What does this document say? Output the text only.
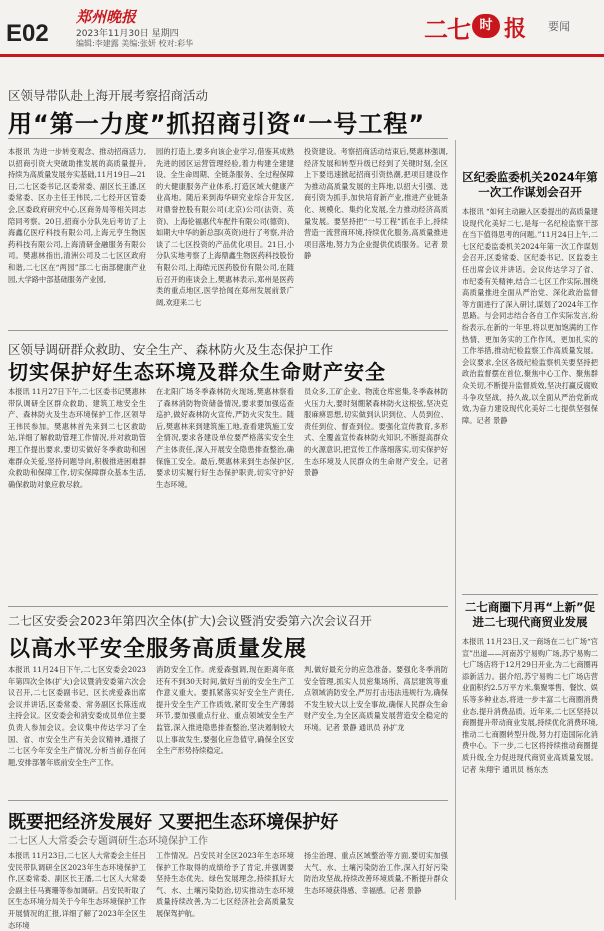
E02
郑州晚报
2023年11月30日 星期四
编辑:李建露 美编:张妍 校对:彩华	二七 时 报 要闻
区领导带队赴上海开展考察招商活动
用“第一力度”抓招商引资“一号工程”
本报讯 为进一步转变观念、推动招商活力,以招商引资大突破助推发展的高质量提升,持续为高质量发展夯实基础,11月19日—21日,二七区委书记,区委常委、副区长王潘,区委常委、区办主任王伟民,二七经开区管委会,区委政府研究中心,区商务局等相关同志陪同考察。20日,招商小分队先后考访了上海鑫亿医疗科技有限公司,上海元亨生物医药科技有限公司,上海清研金融服务有限公司。樊惠林指出,清洲公司及二七区区政府和谐,二七区在“两园”部二七南部健康产业园,大学路中部基础服务产业园,
园的打造上,要多向该企业学习,借鉴其成熟先进的园区运营管理经验,着力构建全建建设、全生命周期、全链条服务、全过程保障的大健康服务产业体系,打造区域大健康产业高地。随后来到海华研究业综合开发区,对鼎誉控股有限公司(北京)公司(法资、英资)、上海伦福惠代车配件有限公司(德资)、如期大中华的新总部(英资)进行了考察,并洽谈了二七区投资的产品优化项目。21日,小分队实地考察了上海鼎鑫生物医药科技股份有限公司,上海皓元医药股份有限公司,在随后召开的座谈会上,樊惠林表示,郑州是医药类的重点地区,医学拾闻在郑州发展前景广阔,欢迎来二七
投资建设。考察招商活动结束后,樊惠林强调,经济发展和转型升级已经到了关键时刻,全区上下要迅速掀起招商引资热潮,把项目建设作为推动高质量发展的主阵地,以招大引强、选商引资为抓手,加快培育新产业,推进产业链条化、规模化、集约化发展,全力推动经济高质量发展。要坚持把“一号工程”抓在手上,持续营造一流营商环境,持续优化服务,高质量推进项目落地,努力为企业提供优质服务。记者 景静
区领导调研群众救助、安全生产、森林防火及生态保护工作
切实保护好生态环境及群众生命财产安全
本报讯 11月27日下午,二七区委书记樊惠林带队调研全区群众救助、建筑工地安全生产、森林防火及生态环境保护工作,区领导王伟民参加。樊惠林首先来到二七区救助站,详细了解救助管理工作情况,并对救助管理工作提出要求,要切实做好冬季救助和困难群众关爱,坚持问题导向,积极推进困难群众救助和保障工作,切实保障群众基本生活,确保救助对象应救尽救。
在北阳广场冬季森林防火现场,樊惠林察看了森林消防物资储备情况,要求要加强巡查巡护,做好森林防火宣传,严防火灾发生。随后,樊惠林来到建筑施工地,查看建筑施工安全情况,要求各建设单位要严格落实安全生产主体责任,深入开展安全隐患排查整治,确保施工安全。最后,樊惠林来到生态保护区,要求切实履行好生态保护职责,切实守护好生态环境。
员众多,工矿企业、物流仓库密集,冬季森林防火压力大,要时刻绷紧森林防火这根弦,坚决克服麻痹思想,切实做到认识到位、人员到位、责任到位、督查到位。要强化宣传教育,多形式、全覆盖宣传森林防火知识,不断提高群众的火源意识,把宣传工作落细落实,切实保护好生态环境及人民群众的生命财产安全。记者 景静
二七区安委会2023年第四次全体(扩大)会议暨消安委第六次会议召开
以高水平安全服务高质量发展
本报讯 11月24日下午,二七区安委会2023年第四次全体(扩大)会议暨消安委第六次会议召开,二七区委副书记、区长虎爱森出席会议并讲话,区委常委、常务副区长陈连成主持会议。区安委会和消安委成员单位主要负责人参加会议。会议集中传达学习了全国、省、市安全生产有关会议精神,通报了二七区今年安全生产情况,分析当前存在问题,安排部署年底前安全生产工作。
消防安全工作。虎爱森强调,现在距离年底还有不到30天时间,做好当前的安全生产工作意义重大。要抓紧落实好安全生产责任,提升安全生产工作质效,紧盯安全生产薄弱环节,要加强重点行业、重点领域安全生产监管,深入推进隐患排查整治,坚决遏制较大以上事故发生,要强化应急值守,确保全区安全生产形势持续稳定。
判,做好最充分的应急准备。要强化冬季消防安全管理,抓实人员密集场所、高层建筑等重点领域消防安全,严厉打击违法违规行为,确保不发生较大以上安全事故,确保人民群众生命财产安全,为全区高质量发展营造安全稳定的环境。记者 景静 通讯员 孙扩龙
既要把经济发展好 又要把生态环境保护好
二七区人大常委会专题调研生态环境保护工作
本报讯 11月23日,二七区人大常委会主任吕安民带队调研全区2023年生态环境保护工作,区委常委、副区长王潘,二七区人大常委会副主任马赛珊等参加调研。吕安民听取了区生态环境分局关于今年生态环境保护工作开展情况的汇报,详细了解了2023年全区生态环境
工作情况。吕安民对全区2023年生态环境保护工作取得的成绩给予了肯定,并强调要坚持生态优先、绿色发展理念,持续抓好大气、水、土壤污染防治,切实推动生态环境质量持续改善,为二七区经济社会高质量发展保驾护航。
扬尘治理、重点区域整治等方面,要切实加强大气、水、土壤污染防治工作,深入打好污染防治攻坚战,持续改善环境质量,不断提升群众生态环境获得感、幸福感。记者 景静
区纪委监委机关2024年第一次工作谋划会召开
本报讯 “如何主动融入区委提出的高质量建设现代化美好二七,是每一名纪检监察干部在当下值得思考的问题。”11月24日上午,二七区纪委监委机关2024年第一次工作谋划会召开,区委常委、区纪委书记、区监委主任出席会议并讲话。会议传达学习了省、市纪委有关精神,结合二七区工作实际,围绕高质量推进全面从严治党、深化政治监督等方面进行了深入研讨,谋划了2024年工作思路。与会同志结合各自工作实际发言,纷纷表示,在新的一年里,将以更加饱满的工作热情、更加务实的工作作风、更加扎实的工作举措,推动纪检监察工作高质量发展。会议要求,全区各级纪检监察机关要坚持把政治监督摆在首位,聚焦中心工作、聚焦群众关切,不断提升监督质效,坚决打赢反腐败斗争攻坚战、持久战,以全面从严治党新成效,为奋力建设现代化美好二七提供坚强保障。记者 景静
二七商圈下月再“上新”促进二七现代商贸业发展
本报讯 11月23日,又一商场在二七广场“官宣”出道——河南苏宁易购广场,苏宁易购二七广场店将于12月29日开业,为二七商圈再添新活力。据介绍,苏宁易购二七广场店营业面积约2.5万平方米,集聚零售、餐饮、娱乐等多种业态,将进一步丰富二七商圈消费业态,提升消费品质。近年来,二七区坚持以商圈提升带动商业发展,持续优化消费环境,推动二七商圈转型升级,努力打造国际化消费中心。下一步,二七区将持续推动商圈提质升级,全力促进现代商贸业高质量发展。记者 朱翔宇 通讯员 杨东杰
